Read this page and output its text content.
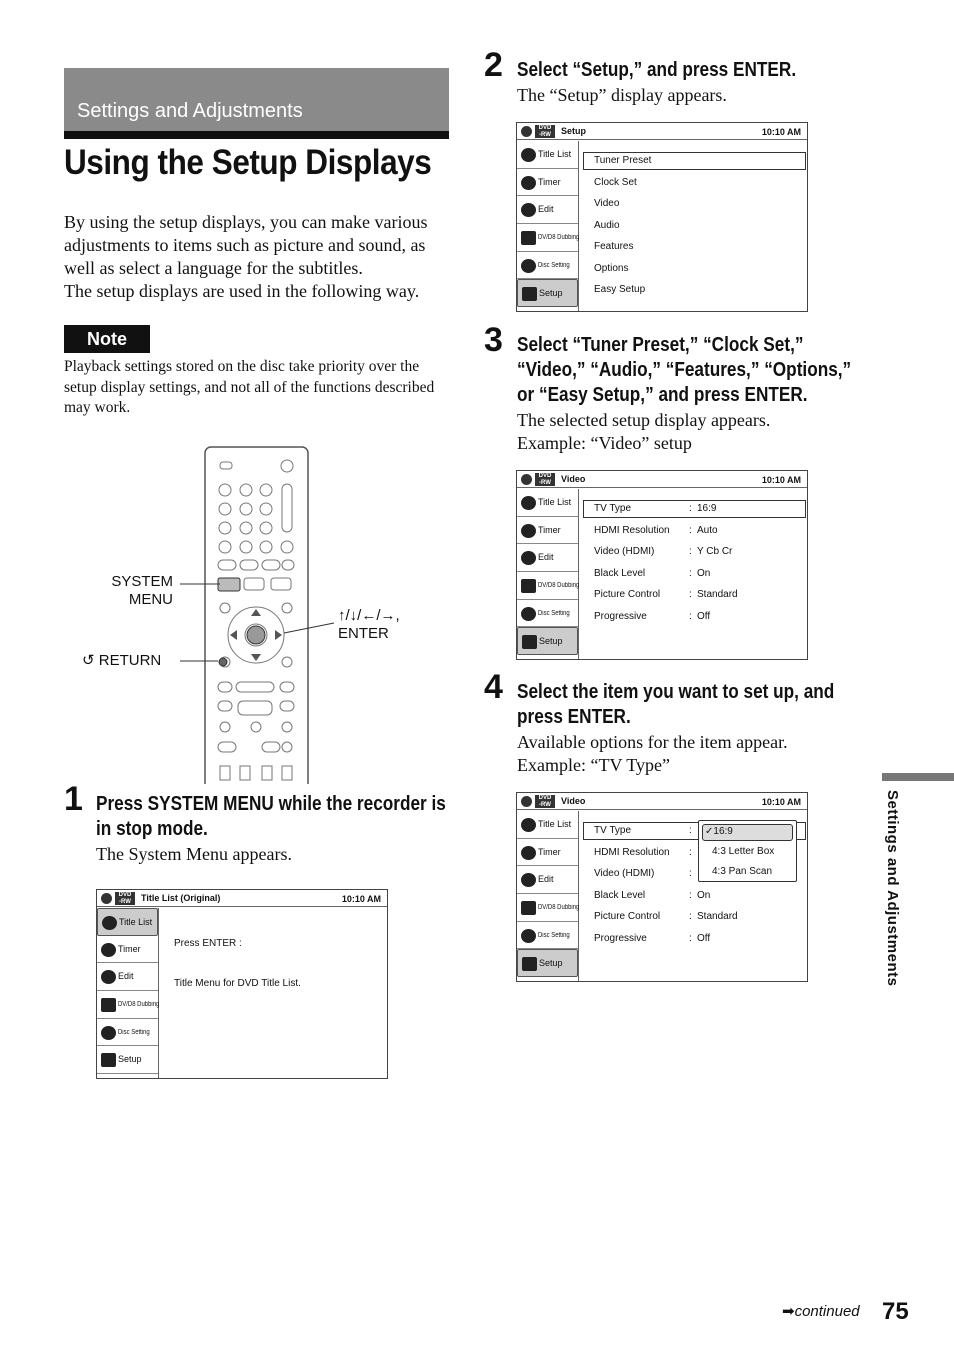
Settings and Adjustments
Using the Setup Displays
By using the setup displays, you can make various adjustments to items such as picture and sound, as well as select a language for the subtitles.
The setup displays are used in the following way.
Note
Playback settings stored on the disc take priority over the setup display settings, and not all of the functions described may work.
SYSTEM
MENU
↺ RETURN
↑/↓/←/→,
ENTER
1 Press SYSTEM MENU while the recorder is in stop mode.
The System Menu appears.
DVD
-RW	Title List (Original)	10:10 AM
Title List
Timer
Edit
DV/D8 Dubbing
Disc Setting
Setup
Press ENTER :
Title Menu for DVD Title List.
2 Select “Setup,” and press ENTER.
The “Setup” display appears.
DVD
-RW	Setup	10:10 AM
Title List
Timer
Edit
DV/D8 Dubbing
Disc Setting
Setup
Tuner Preset
Clock Set
Video
Audio
Features
Options
Easy Setup
3 Select “Tuner Preset,” “Clock Set,” “Video,” “Audio,” “Features,” “Options,” or “Easy Setup,” and press ENTER.
The selected setup display appears.
Example: “Video” setup
DVD
-RW	Video	10:10 AM
Title List
Timer
Edit
DV/D8 Dubbing
Disc Setting
Setup
TV Type	: 16:9
HDMI Resolution : Auto
Video (HDMI)	: Y Cb Cr
Black Level	: On
Picture Control	: Standard
Progressive	: Off
4 Select the item you want to set up, and press ENTER.
Available options for the item appear.
Example: “TV Type”
DVD
-RW	Video	10:10 AM
Title List
Timer
Edit
DV/D8 Dubbing
Disc Setting
Setup
TV Type	:
HDMI Resolution :
Video (HDMI)	:
Black Level	: On
Picture Control	: Standard
Progressive	: Off
✓16:9
4:3 Letter Box
4:3 Pan Scan	Settings and Adjustments
➡continued 75
